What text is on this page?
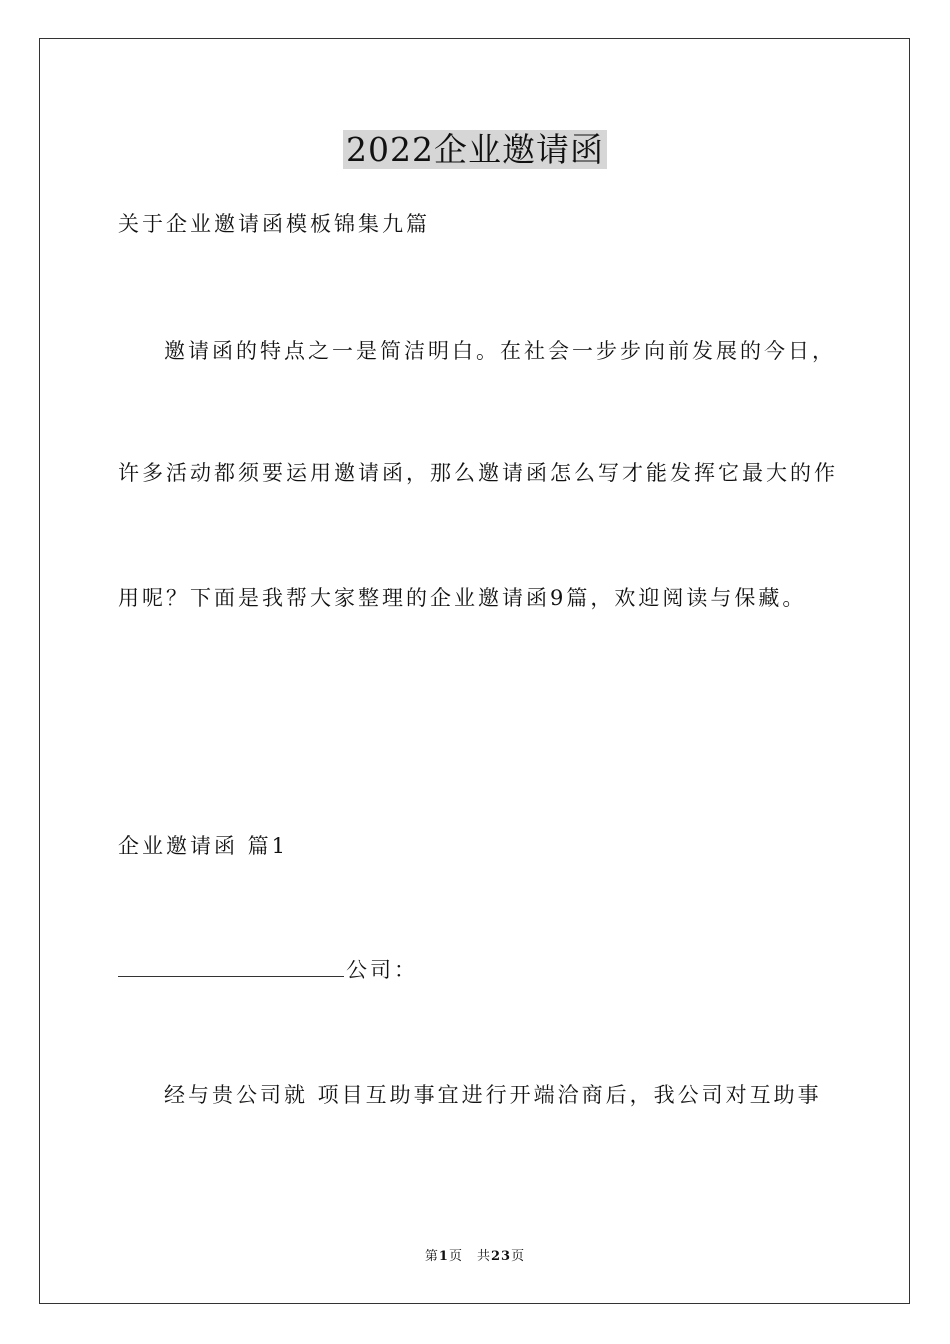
2022企业邀请函

关于企业邀请函模板锦集九篇

邀请函的特点之一是简洁明白。在社会一步步向前发展的今日，

许多活动都须要运用邀请函，那么邀请函怎么写才能发挥它最大的作

用呢？下面是我帮大家整理的企业邀请函9篇，欢迎阅读与保藏。

企业邀请函 篇1

公司：

经与贵公司就 项目互助事宜进行开端洽商后，我公司对互助事

第1页 共23页
